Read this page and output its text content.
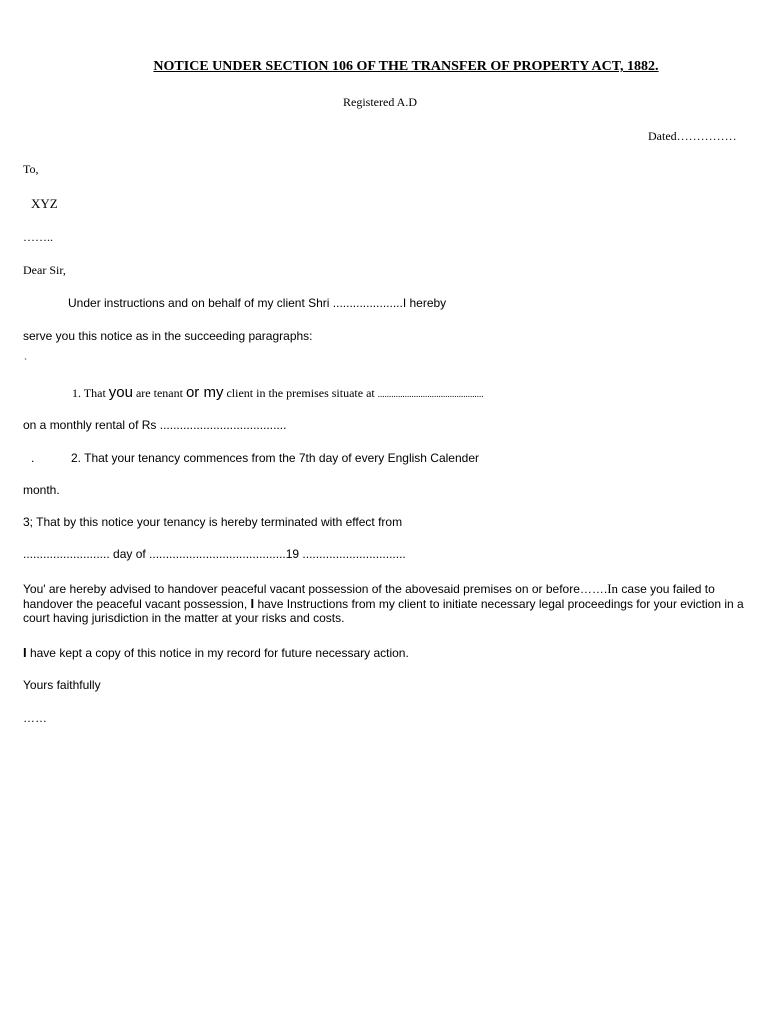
NOTICE UNDER SECTION 106 OF THE TRANSFER OF PROPERTY ACT, 1882.
Registered A.D
Dated……………
To,
XYZ
……..
Dear Sir,
Under instructions and on behalf of my client Shri .....................I hereby
serve you this notice as in the succeeding paragraphs:
`
1. That you are tenant or my client in the premises situate at ...............................................
on a monthly rental of Rs ......................................
.	2. That your tenancy commences from the 7th day of every English Calender
month.
3; That by this notice your tenancy is hereby terminated with effect from
.......................... day of .........................................19 ...............................
You' are hereby advised to handover peaceful vacant possession of the abovesaid premises on or before…….In case you failed to handover the peaceful vacant possession, I have Instructions from my client to initiate necessary legal proceedings for your eviction in a court having jurisdiction in the matter at your risks and costs.
I have kept a copy of this notice in my record for future necessary action.
Yours faithfully
……
